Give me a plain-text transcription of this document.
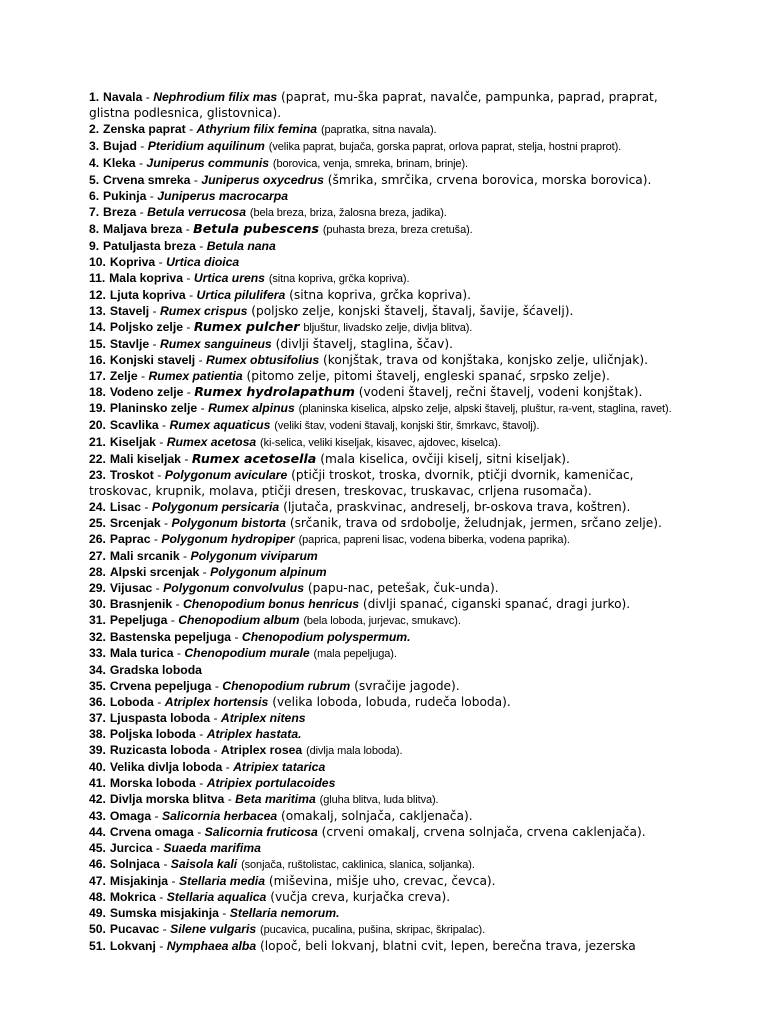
1. Navala - Nephrodium filix mas (paprat, mu-ška paprat, navalče, pampunka, paprad, praprat, glistna podlesnica, glistovnica).
2. Zenska paprat - Athyrium filix femina (papratka, sitna navala).
3. Bujad - Pteridium aquilinum (velika paprat, bujača, gorska paprat, orlova paprat, stelja, hostni praprot).
4. Kleka - Juniperus communis (borovica, venja, smreka, brinam, brinje).
5. Crvena smreka - Juniperus oxycedrus (šmrika, smrčika, crvena borovica, morska borovica).
6. Pukinja - Juniperus macrocarpa
7. Breza - Betula verrucosa (bela breza, briza, žalosna breza, jadika).
8. Maljava breza - Betula pubescens (puhasta breza, breza cretuša).
9. Patuljasta breza - Betula nana
10. Kopriva - Urtica dioica
11. Mala kopriva - Urtica urens (sitna kopriva, grčka kopriva).
12. Ljuta kopriva - Urtica pilulifera (sitna kopriva, grčka kopriva).
13. Stavelj - Rumex crispus (poljsko zelje, konjski štavelj, štavalj, šavije, šćavelj).
14. Poljsko zelje - Rumex pulcher bljuštur, livadsko zelje, divlja blitva).
15. Stavlje - Rumex sanguineus (divlji štavelj, staglina, ščav).
16. Konjski stavelj - Rumex obtusifolius (konjštak, trava od konjštaka, konjsko zelje, uličnjak).
17. Zelje - Rumex patientia (pitomo zelje, pitomi štavelj, engleski spanać, srpsko zelje).
18. Vodeno zelje - Rumex hydrolapathum (vodeni štavelj, rečni štavelj, vodeni konjštak).
19. Planinsko zelje - Rumex alpinus (planinska kiselica, alpsko zelje, alpski štavelj, pluštur, ra-vent, staglina, ravet).
20. Scavlika - Rumex aquaticus (veliki štav, vodeni štavalj, konjski štir, šmrkavc, štavolj).
21. Kiseljak - Rumex acetosa (ki-selica, veliki kiseljak, kisavec, ajdovec, kiselca).
22. Mali kiseljak - Rumex acetosella (mala kiselica, ovčiji kiselj, sitni kiseljak).
23. Troskot - Polygonum aviculare (ptičji troskot, troska, dvornik, ptičji dvornik, kameničac, troskovac, krupnik, molava, ptičji dresen, treskovac, truskavac, crljena rusomača).
24. Lisac - Polygonum persicaria (ljutača, praskvinac, andreselj, br-oskova trava, koštren).
25. Srcenjak - Polygonum bistorta (srčanik, trava od srdobolje, želudnjak, jermen, srčano zelje).
26. Paprac - Polygonum hydropiper (paprica, papreni lisac, vodena biberka, vodena paprika).
27. Mali srcanik - Polygonum viviparum
28. Alpski srcenjak - Polygonum alpinum
29. Vijusac - Polygonum convolvulus (papu-nac, petešak, čuk-unda).
30. Brasnjenik - Chenopodium bonus henricus (divlji spanać, ciganski spanać, dragi jurko).
31. Pepeljuga - Chenopodium album (bela loboda, jurjevac, smukavc).
32. Bastenska pepeljuga - Chenopodium polyspermum.
33. Mala turica - Chenopodium murale (mala pepeljuga).
34. Gradska loboda
35. Crvena pepeljuga - Chenopodium rubrum (svračije jagode).
36. Loboda - Atriplex hortensis (velika loboda, lobuda, rudeča loboda).
37. Ljuspasta loboda - Atriplex nitens
38. Poljska loboda - Atriplex hastata.
39. Ruzicasta loboda - Atriplex rosea (divlja mala loboda).
40. Velika divlja loboda - Atripiex tatarica
41. Morska loboda - Atripiex portulacoides
42. Divlja morska blitva - Beta maritima (gluha blitva, luda blitva).
43. Omaga - Salicornia herbacea (omakalj, solnjača, cakljenača).
44. Crvena omaga - Salicornia fruticosa (crveni omakalj, crvena solnjača, crvena caklenjača).
45. Jurcica - Suaeda marifima
46. Solnjaca - Saisola kali (sonjača, ruštolistac, caklinica, slanica, soljanka).
47. Misjakinja - Stellaria media (miševina, mišje uho, crevac, čevca).
48. Mokrica - Stellaria aqualica (vučja creva, kurjačka creva).
49. Sumska misjakinja - Stellaria nemorum.
50. Pucavac - Silene vulgaris (pucavica, pucalina, pušina, skripac, škripalac).
51. Lokvanj - Nymphaea alba (lopoč, beli lokvanj, blatni cvit, lepen, berečna trava, jezerska
